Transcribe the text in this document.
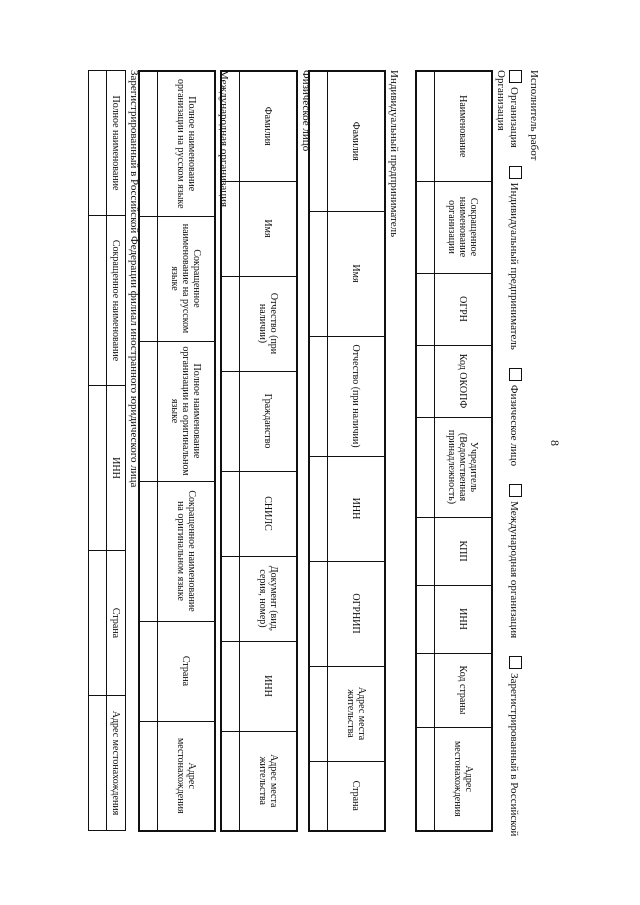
8
Исполнитель работ
Организация Индивидуальный предприниматель Физическое лицо Международная организация Зарегистрированный в Российской
Организация
Наименование	Сокращенное наименование организации	ОГРН	Код ОКОПФ	Учредитель (Ведомственная принадлежность)	КПП	ИНН	Код страны	Адрес местонахождения

Индивидуальный предприниматель
Фамилия	Имя	Отчество (при наличии)	ИНН	ОГРНИП	Адрес места жительства	Страна

Физическое лицо
Фамилия	Имя	Отчество (при наличии)	Гражданство	СНИЛС	Документ (вид, серия, номер)	ИНН	Адрес места жительства

Международная организация
Полное наименование организации на русском языке	Сокращенное наименование на русском языке	Полное наименование организации на оригинальном языке	Сокращенное наименование на оригинальном языке	Страна	Адрес местонахождения

Зарегистрированный в Российской Федерации филиал иностранного юридического лица
Полное наименование	Сокращенное наименование	ИНН	Страна	Адрес местонахождения
